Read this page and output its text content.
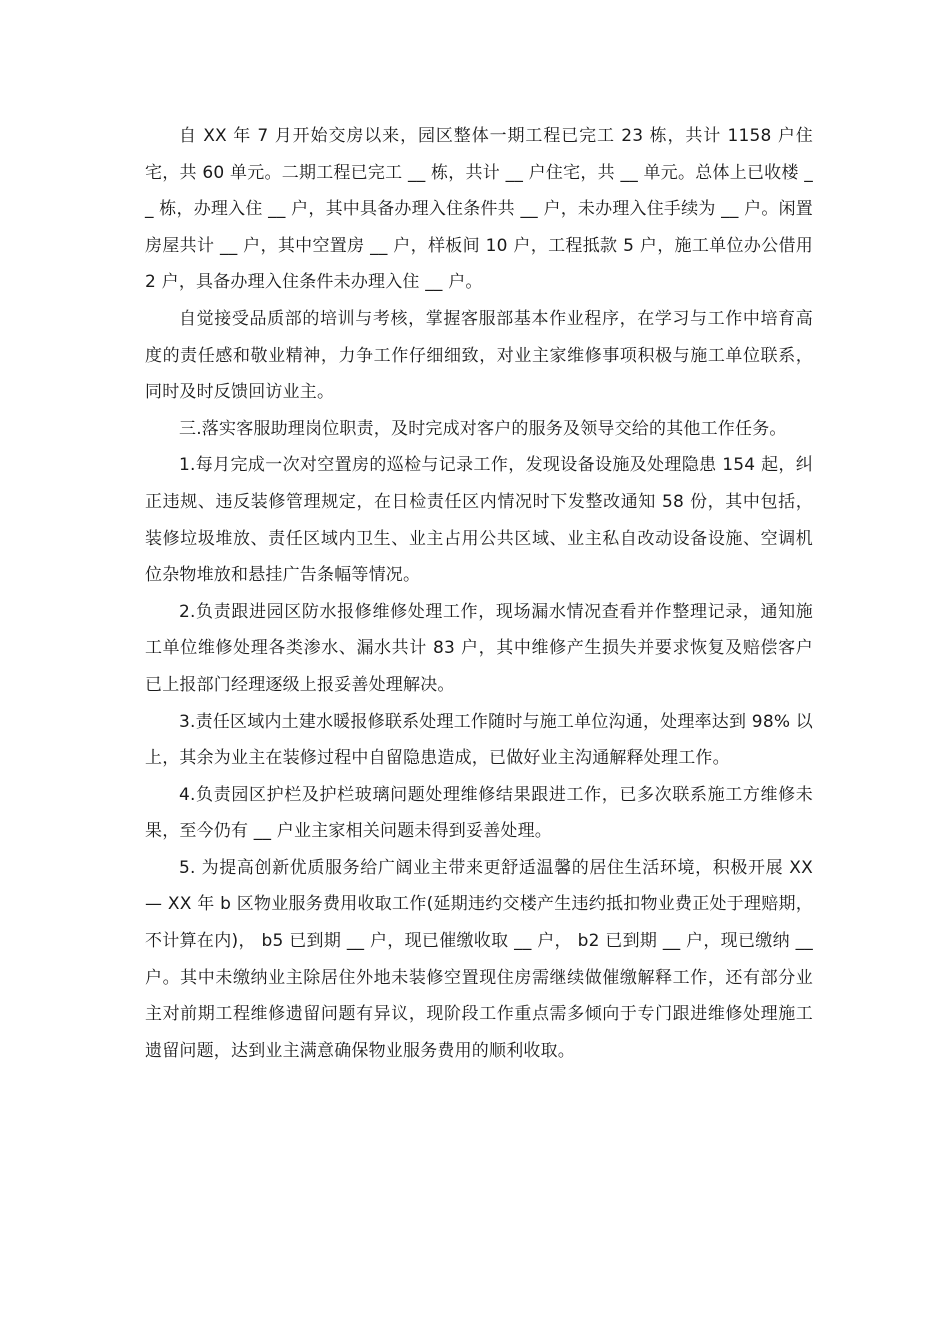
自 XX 年 7 月开始交房以来，园区整体一期工程已完工 23 栋，共计 1158 户住宅，共 60 单元。二期工程已完工 __ 栋，共计 __ 户住宅，共 __ 单元。总体上已收楼 __ 栋，办理入住 __ 户，其中具备办理入住条件共 __ 户，未办理入住手续为 __ 户。闲置房屋共计 __ 户，其中空置房 __ 户，样板间 10 户，工程抵款 5 户，施工单位办公借用 2 户，具备办理入住条件未办理入住 __ 户。

自觉接受品质部的培训与考核，掌握客服部基本作业程序，在学习与工作中培育高度的责任感和敬业精神，力争工作仔细细致，对业主家维修事项积极与施工单位联系，同时及时反馈回访业主。

三.落实客服助理岗位职责，及时完成对客户的服务及领导交给的其他工作任务。

1.每月完成一次对空置房的巡检与记录工作，发现设备设施及处理隐患 154 起，纠正违规、违反装修管理规定，在日检责任区内情况时下发整改通知 58 份，其中包括，装修垃圾堆放、责任区域内卫生、业主占用公共区域、业主私自改动设备设施、空调机位杂物堆放和悬挂广告条幅等情况。

2.负责跟进园区防水报修维修处理工作，现场漏水情况查看并作整理记录，通知施工单位维修处理各类渗水、漏水共计 83 户，其中维修产生损失并要求恢复及赔偿客户已上报部门经理逐级上报妥善处理解决。

3.责任区域内土建水暖报修联系处理工作随时与施工单位沟通，处理率达到 98% 以上，其余为业主在装修过程中自留隐患造成，已做好业主沟通解释处理工作。

4.负责园区护栏及护栏玻璃问题处理维修结果跟进工作，已多次联系施工方维修未果，至今仍有 __ 户业主家相关问题未得到妥善处理。

5. 为提高创新优质服务给广阔业主带来更舒适温馨的居住生活环境，积极开展 XX — XX 年 b 区物业服务费用收取工作(延期违约交楼产生违约抵扣物业费正处于理赔期，不计算在内)， b5 已到期 __ 户，现已催缴收取 __ 户， b2 已到期 __ 户，现已缴纳 __ 户。其中未缴纳业主除居住外地未装修空置现住房需继续做催缴解释工作，还有部分业主对前期工程维修遗留问题有异议，现阶段工作重点需多倾向于专门跟进维修处理施工遗留问题，达到业主满意确保物业服务费用的顺利收取。
